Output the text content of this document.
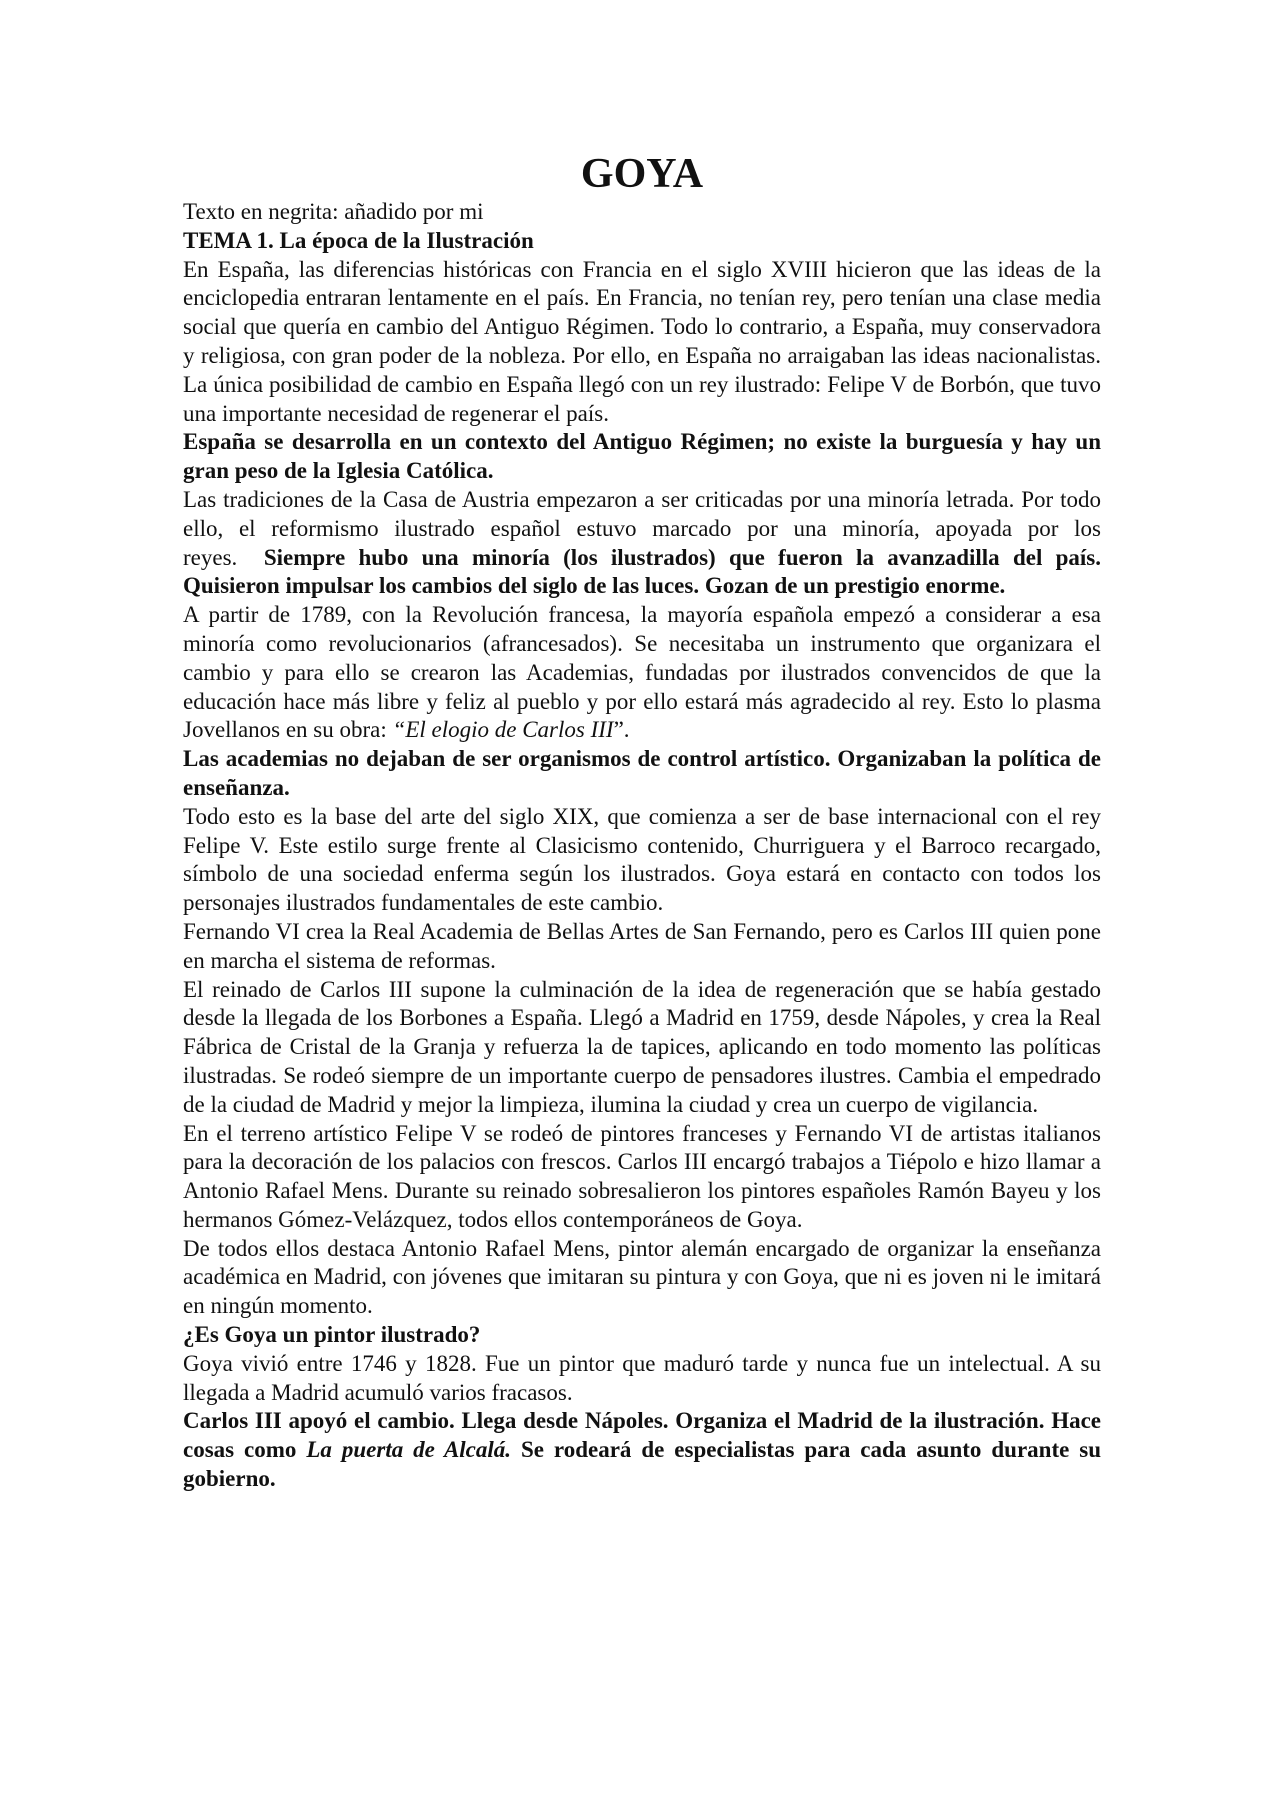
GOYA

Texto en negrita: añadido por mi

TEMA 1. La época de la Ilustración

En España, las diferencias históricas con Francia en el siglo XVIII hicieron que las ideas de la enciclopedia entraran lentamente en el país. En Francia, no tenían rey, pero tenían una clase media social que quería en cambio del Antiguo Régimen. Todo lo contrario, a España, muy conservadora y religiosa, con gran poder de la nobleza. Por ello, en España no arraigaban las ideas nacionalistas. La única posibilidad de cambio en España llegó con un rey ilustrado: Felipe V de Borbón, que tuvo una importante necesidad de regenerar el país.

España se desarrolla en un contexto del Antiguo Régimen; no existe la burguesía y hay un gran peso de la Iglesia Católica.

Las tradiciones de la Casa de Austria empezaron a ser criticadas por una minoría letrada. Por todo ello, el reformismo ilustrado español estuvo marcado por una minoría, apoyada por los reyes. Siempre hubo una minoría (los ilustrados) que fueron la avanzadilla del país. Quisieron impulsar los cambios del siglo de las luces. Gozan de un prestigio enorme.

A partir de 1789, con la Revolución francesa, la mayoría española empezó a considerar a esa minoría como revolucionarios (afrancesados). Se necesitaba un instrumento que organizara el cambio y para ello se crearon las Academias, fundadas por ilustrados convencidos de que la educación hace más libre y feliz al pueblo y por ello estará más agradecido al rey. Esto lo plasma Jovellanos en su obra: “El elogio de Carlos III”.

Las academias no dejaban de ser organismos de control artístico. Organizaban la política de enseñanza.

Todo esto es la base del arte del siglo XIX, que comienza a ser de base internacional con el rey Felipe V. Este estilo surge frente al Clasicismo contenido, Churriguera y el Barroco recargado, símbolo de una sociedad enferma según los ilustrados. Goya estará en contacto con todos los personajes ilustrados fundamentales de este cambio.

Fernando VI crea la Real Academia de Bellas Artes de San Fernando, pero es Carlos III quien pone en marcha el sistema de reformas.

El reinado de Carlos III supone la culminación de la idea de regeneración que se había gestado desde la llegada de los Borbones a España. Llegó a Madrid en 1759, desde Nápoles, y crea la Real Fábrica de Cristal de la Granja y refuerza la de tapices, aplicando en todo momento las políticas ilustradas. Se rodeó siempre de un importante cuerpo de pensadores ilustres. Cambia el empedrado de la ciudad de Madrid y mejor la limpieza, ilumina la ciudad y crea un cuerpo de vigilancia.

En el terreno artístico Felipe V se rodeó de pintores franceses y Fernando VI de artistas italianos para la decoración de los palacios con frescos. Carlos III encargó trabajos a Tiépolo e hizo llamar a Antonio Rafael Mens. Durante su reinado sobresalieron los pintores españoles Ramón Bayeu y los hermanos Gómez-Velázquez, todos ellos contemporáneos de Goya.

De todos ellos destaca Antonio Rafael Mens, pintor alemán encargado de organizar la enseñanza académica en Madrid, con jóvenes que imitaran su pintura y con Goya, que ni es joven ni le imitará en ningún momento.

¿Es Goya un pintor ilustrado?

Goya vivió entre 1746 y 1828. Fue un pintor que maduró tarde y nunca fue un intelectual. A su llegada a Madrid acumuló varios fracasos.

Carlos III apoyó el cambio. Llega desde Nápoles. Organiza el Madrid de la ilustración. Hace cosas como La puerta de Alcalá. Se rodeará de especialistas para cada asunto durante su gobierno.
